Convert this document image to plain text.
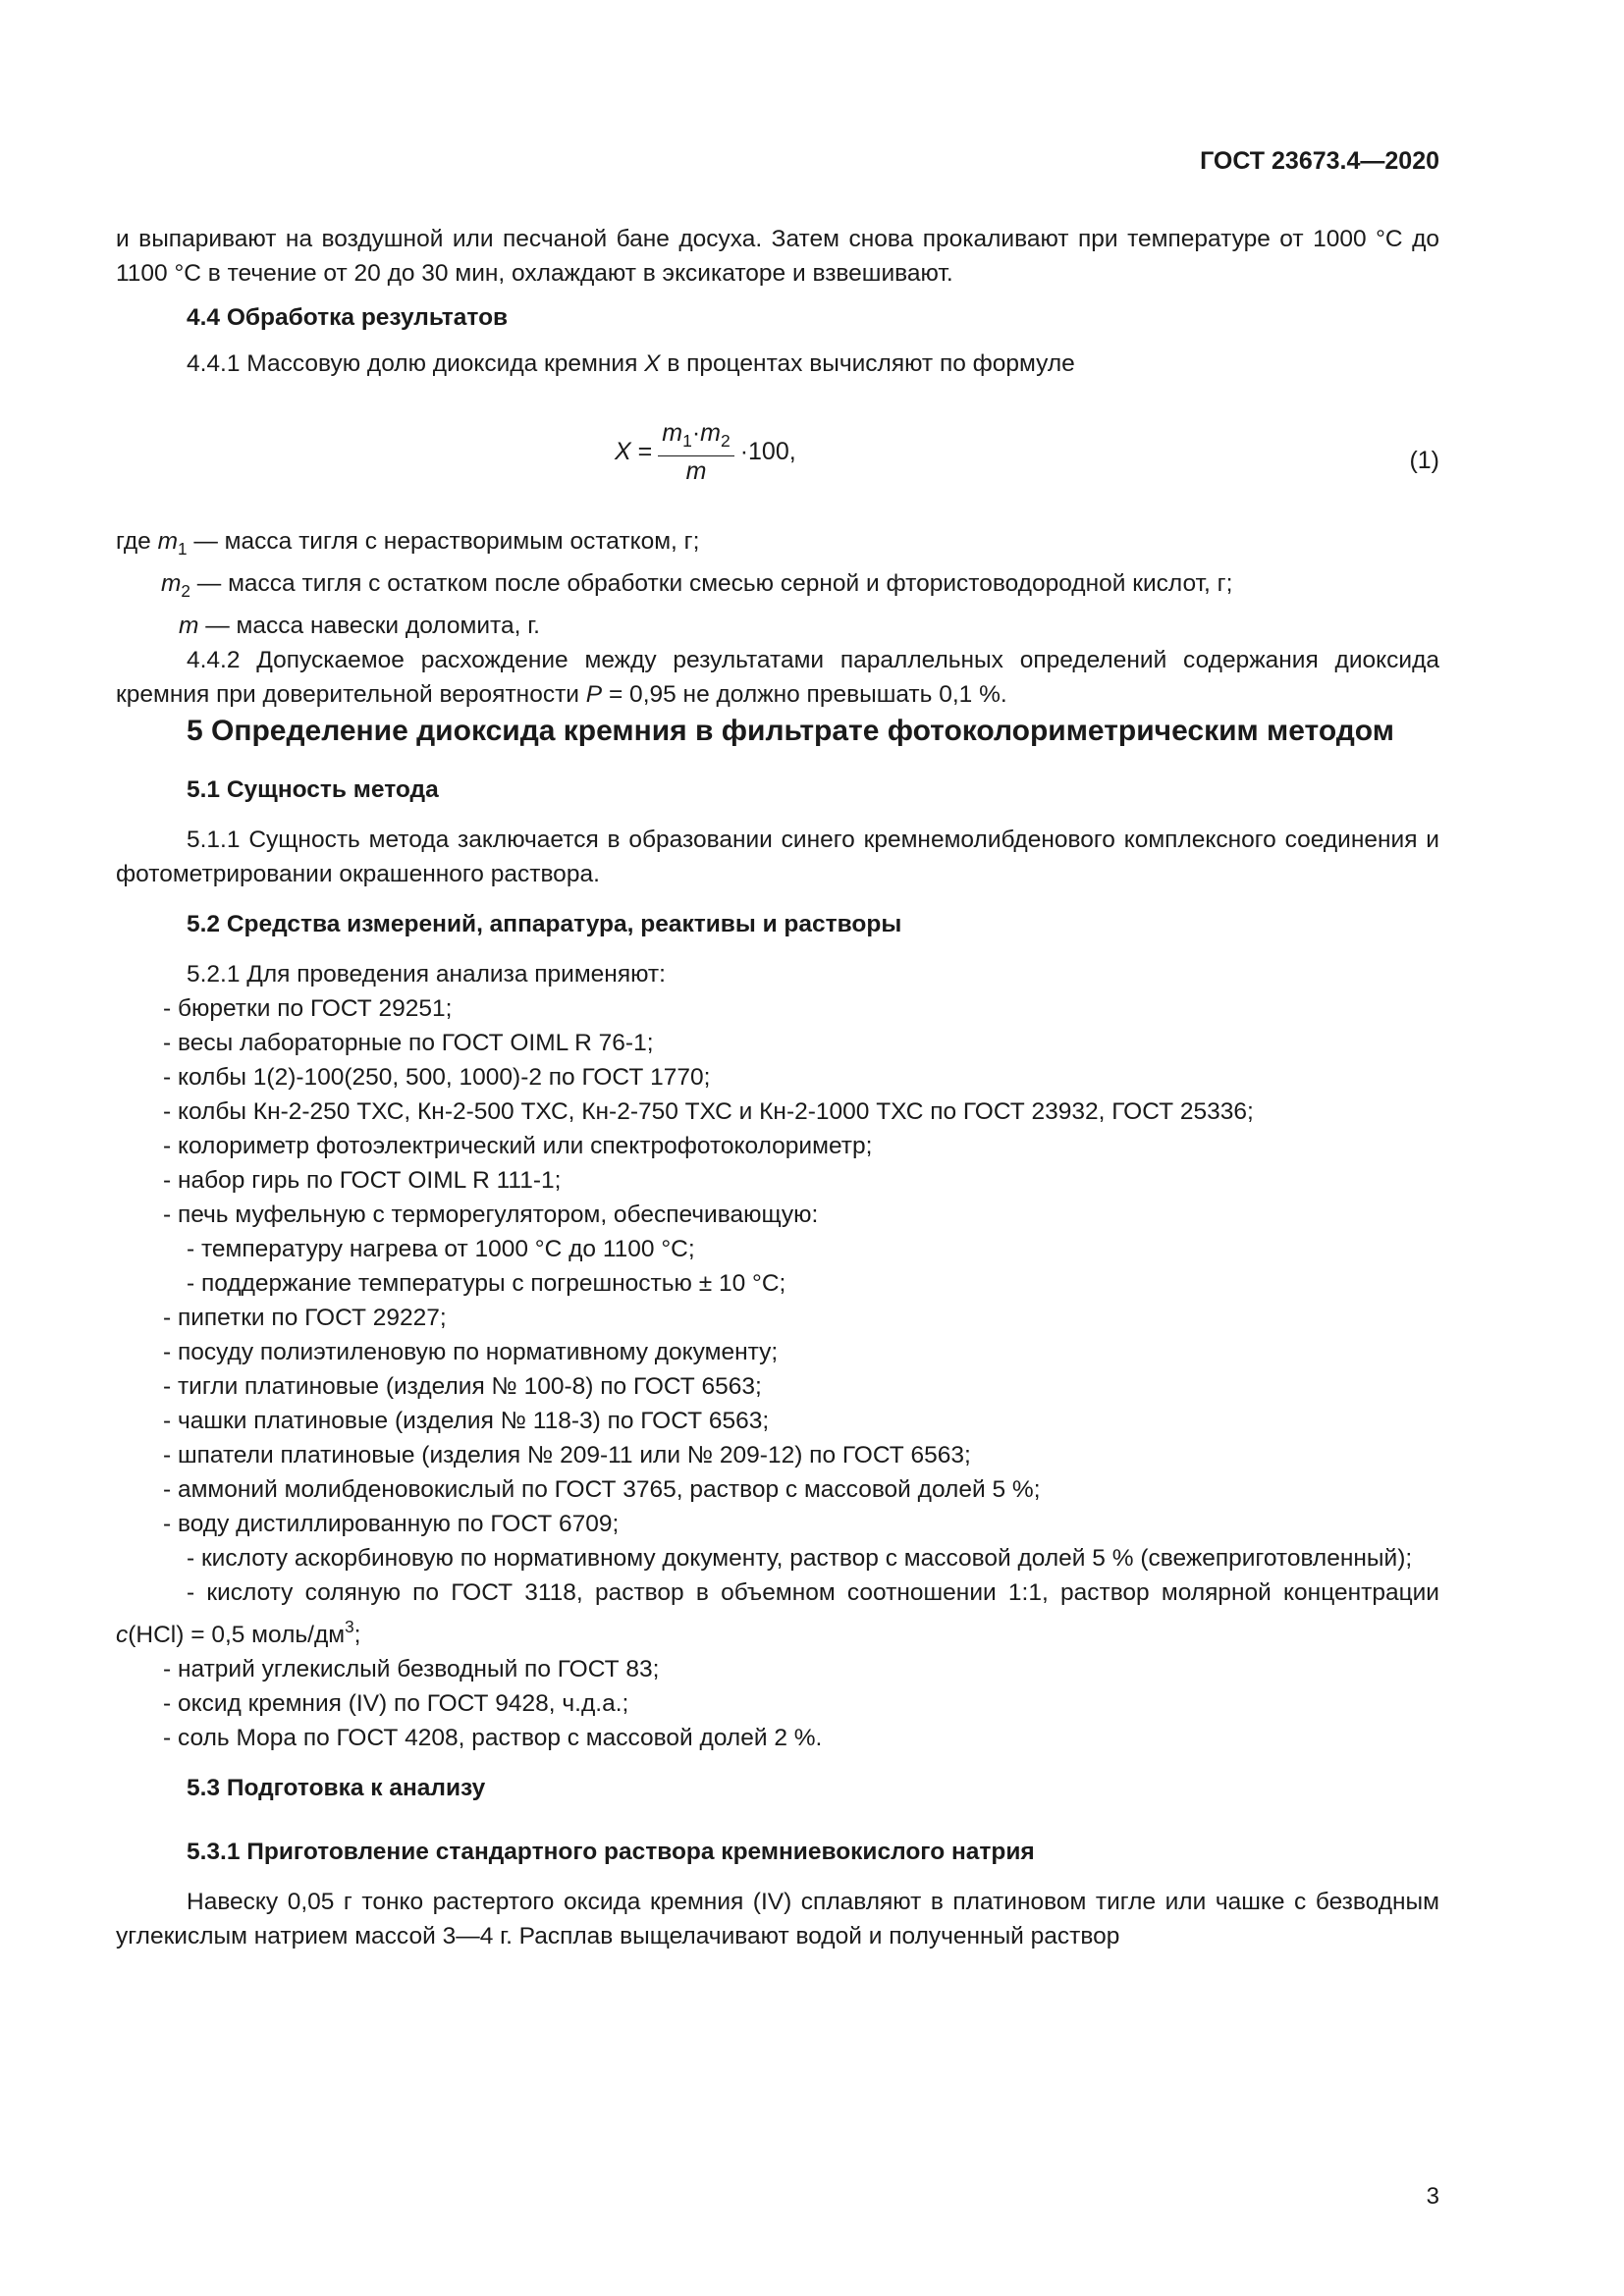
ГОСТ 23673.4—2020

и выпаривают на воздушной или песчаной бане досуха. Затем снова прокаливают при температуре от 1000 °С до 1100 °С в течение от 20 до 30 мин, охлаждают в эксикаторе и взвешивают.

4.4 Обработка результатов

4.4.1 Массовую долю диоксида кремния X в процентах вычисляют по формуле

X
= $\frac{m_1\cdot m_2}{m} \cdot 100$,	(1)

где $m_1$ — масса тигля с нерастворимым остатком, г;

$m_2$ — масса тигля с остатком после обработки смесью серной и фтористоводородной кислот, г;

m — масса навески доломита, г.

4.4.2 Допускаемое расхождение между результатами параллельных определений содержания диоксида кремния при доверительной вероятности P = 0,95 не должно превышать 0,1 %.

5 Определение диоксида кремния в фильтрате фотоколориметрическим методом

5.1 Сущность метода

5.1.1 Сущность метода заключается в образовании синего кремнемолибденового комплексного соединения и фотометрировании окрашенного раствора.

5.2 Средства измерений, аппаратура, реактивы и растворы

5.2.1 Для проведения анализа применяют:

- бюретки по ГОСТ 29251;

- весы лабораторные по ГОСТ OIML R 76-1;

- колбы 1(2)-100(250, 500, 1000)-2 по ГОСТ 1770;

- колбы Кн-2-250 ТХС, Кн-2-500 ТХС, Кн-2-750 ТХС и Кн-2-1000 ТХС по ГОСТ 23932, ГОСТ 25336;

- колориметр фотоэлектрический или спектрофотоколориметр;

- набор гирь по ГОСТ OIML R 111-1;

- печь муфельную с терморегулятором, обеспечивающую:

- температуру нагрева от 1000 °С до 1100 °С;

- поддержание температуры с погрешностью ± 10 °С;

- пипетки по ГОСТ 29227;

- посуду полиэтиленовую по нормативному документу;

- тигли платиновые (изделия № 100-8) по ГОСТ 6563;

- чашки платиновые (изделия № 118-3) по ГОСТ 6563;

- шпатели платиновые (изделия № 209-11 или № 209-12) по ГОСТ 6563;

- аммоний молибденовокислый по ГОСТ 3765, раствор с массовой долей 5 %;

- воду дистиллированную по ГОСТ 6709;

- кислоту аскорбиновую по нормативному документу, раствор с массовой долей 5 % (свежеприготовленный);

- кислоту соляную по ГОСТ 3118, раствор в объемном соотношении 1:1, раствор молярной концентрации c(HCl) = 0,5 моль/$дм^3$;

- натрий углекислый безводный по ГОСТ 83;

- оксид кремния (IV) по ГОСТ 9428, ч.д.а.;

- соль Мора по ГОСТ 4208, раствор с массовой долей 2 %.

5.3 Подготовка к анализу

5.3.1 Приготовление стандартного раствора кремниевокислого натрия

Навеску 0,05 г тонко растертого оксида кремния (IV) сплавляют в платиновом тигле или чашке с безводным углекислым натрием массой 3—4 г. Расплав выщелачивают водой и полученный раствор

3
